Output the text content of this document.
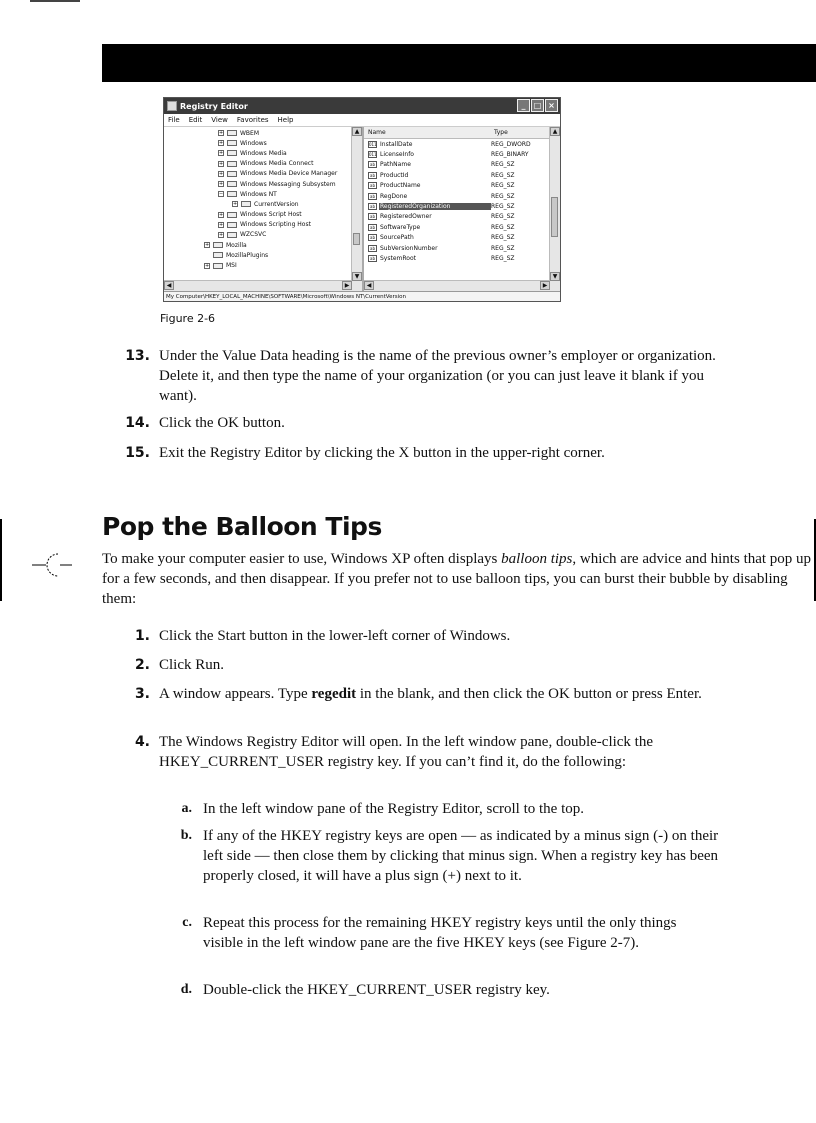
Registry Editor	_	□ ×
File Edit View Favorites Help
+	WBEM
+	Windows
+	Windows Media
+	Windows Media Connect
+	Windows Media Device Manager
+	Windows Messaging Subsystem
−	Windows NT
+	CurrentVersion
+	Windows Script Host
+	Windows Scripting Host
+	WZCSVC
+	Mozilla
MozillaPlugins
+	MSI
▲
▼
◀	▶
Name	Type
011 InstallDate	REG_DWORD
011 LicenseInfo	REG_BINARY
ab PathName	REG_SZ
ab ProductId	REG_SZ
ab ProductName	REG_SZ
ab RegDone	REG_SZ
ab RegisteredOrganization	REG_SZ
ab RegisteredOwner	REG_SZ
ab SoftwareType	REG_SZ
ab SourcePath	REG_SZ
ab SubVersionNumber	REG_SZ
ab SystemRoot	REG_SZ
▲
▼
◀	▶
My Computer\HKEY_LOCAL_MACHINE\SOFTWARE\Microsoft\Windows NT\CurrentVersion
Figure 2-6
13. Under the Value Data heading is the name of the previous owner’s employer or organization. Delete it, and then type the name of your organization (or you can just leave it blank if you want).
14. Click the OK button.
15. Exit the Registry Editor by clicking the X button in the upper-right corner.
Pop the Balloon Tips
To make your computer easier to use, Windows XP often displays balloon tips, which are advice and hints that pop up for a few seconds, and then disappear. If you prefer not to use balloon tips, you can burst their bubble by disabling them:
1. Click the Start button in the lower-left corner of Windows.
2. Click Run.
3. A window appears. Type regedit in the blank, and then click the OK button or press Enter.
4. The Windows Registry Editor will open. In the left window pane, double-click the HKEY_CURRENT_USER registry key. If you can’t find it, do the following:
a. In the left window pane of the Registry Editor, scroll to the top.
b. If any of the HKEY registry keys are open — as indicated by a minus sign (-) on their left side — then close them by clicking that minus sign. When a registry key has been properly closed, it will have a plus sign (+) next to it.
c. Repeat this process for the remaining HKEY registry keys until the only things visible in the left window pane are the five HKEY keys (see Figure 2-7).
d. Double-click the HKEY_CURRENT_USER registry key.
